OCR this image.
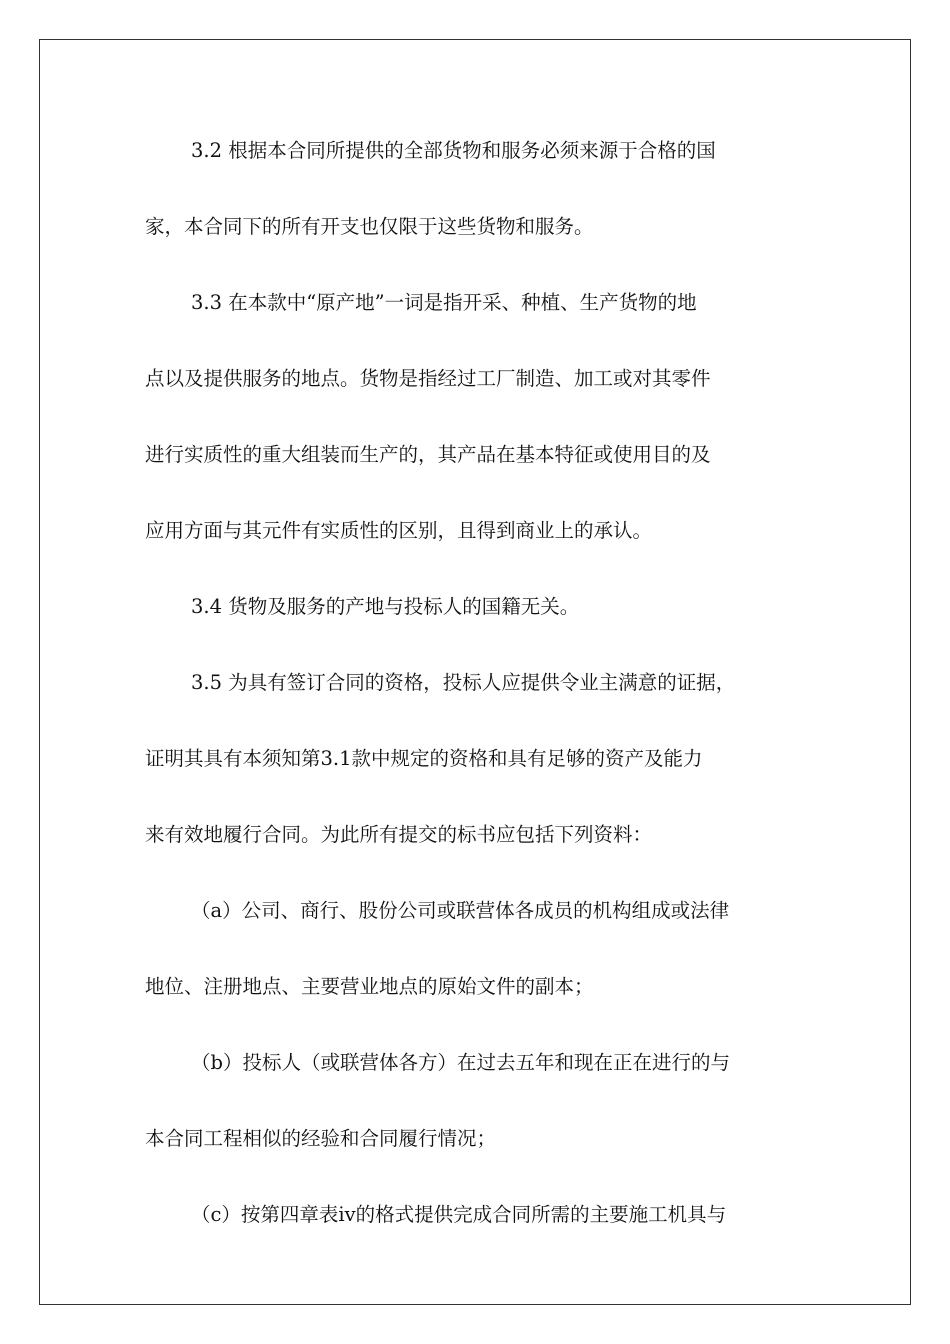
3.2 根据本合同所提供的全部货物和服务必须来源于合格的国
家，本合同下的所有开支也仅限于这些货物和服务。
3.3 在本款中“原产地”一词是指开采、种植、生产货物的地
点以及提供服务的地点。货物是指经过工厂制造、加工或对其零件
进行实质性的重大组装而生产的，其产品在基本特征或使用目的及
应用方面与其元件有实质性的区别，且得到商业上的承认。
3.4 货物及服务的产地与投标人的国籍无关。
3.5 为具有签订合同的资格，投标人应提供令业主满意的证据，
证明其具有本须知第3.1款中规定的资格和具有足够的资产及能力
来有效地履行合同。为此所有提交的标书应包括下列资料：
（a）公司、商行、股份公司或联营体各成员的机构组成或法律
地位、注册地点、主要营业地点的原始文件的副本；
（b）投标人（或联营体各方）在过去五年和现在正在进行的与
本合同工程相似的经验和合同履行情况；
（c）按第四章表ⅳ的格式提供完成合同所需的主要施工机具与
